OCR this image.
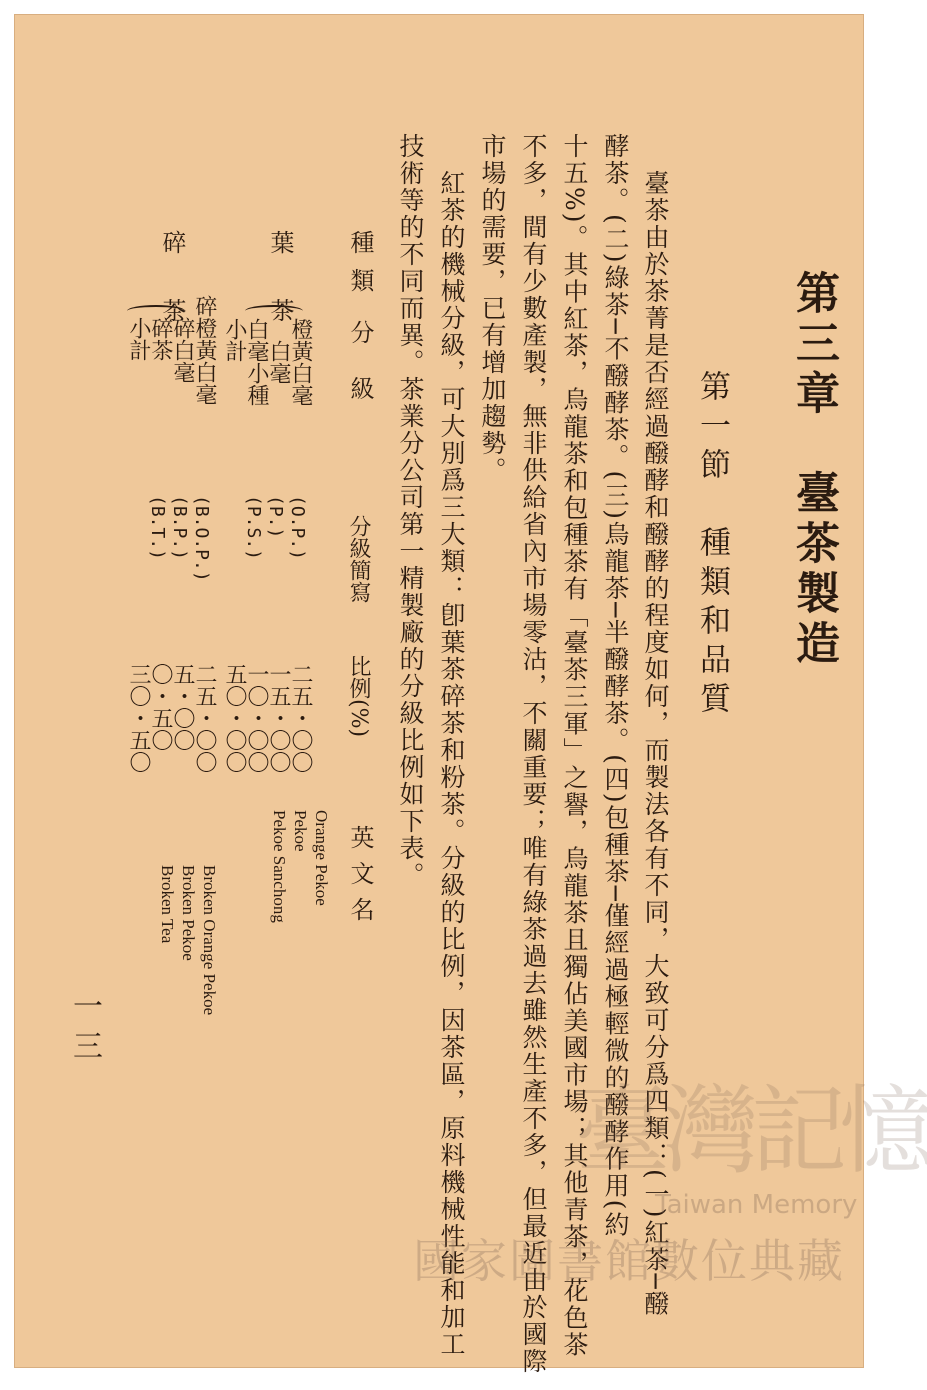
第三章　臺茶製造
第一節　種類和品質
臺茶由於茶菁是否經過醱酵和醱酵的程度如何，而製法各有不同，大致可分爲四類：(一)紅茶─醱
酵茶。(二)綠茶─不醱酵茶。(三)烏龍茶─半醱酵茶。(四)包種茶─僅經過極輕微的醱酵作用(約
十五%)。其中紅茶，烏龍茶和包種茶有「臺茶三軍」之譽，烏龍茶且獨佔美國市場；其他青茶，花色茶
不多，間有少數產製，無非供給省內市場零沽，不關重要；唯有綠茶過去雖然生產不多，但最近由於國際
市場的需要，已有增加趨勢。
紅茶的機械分級，可大別爲三大類：卽葉茶碎茶和粉茶。分級的比例，因茶區，原料機械性能和加工
技術等的不同而異。茶業分公司第一精製廠的分級比例如下表。
種類
分　級
分級簡寫
比例(%)
英文名
葉　茶
橙黃白毫
白毫
白毫小種
小計
(O.P.)
(P.)
(P.S.)
二五・〇〇
一五・〇〇
一〇・〇〇
五〇・〇〇
Orange Pekoe
Pekoe
Pekoe Sanchong
碎　茶
碎橙黃白毫
碎白毫
碎茶
小計
(B.O.P.)
(B.P.)
(B.T.)
二五・〇〇
五・〇〇
〇・五〇
三〇・五〇
Broken Orange Pekoe
Broken Pekoe
Broken Tea
一三
臺灣記憶
Taiwan Memory
國家圖書館數位典藏
